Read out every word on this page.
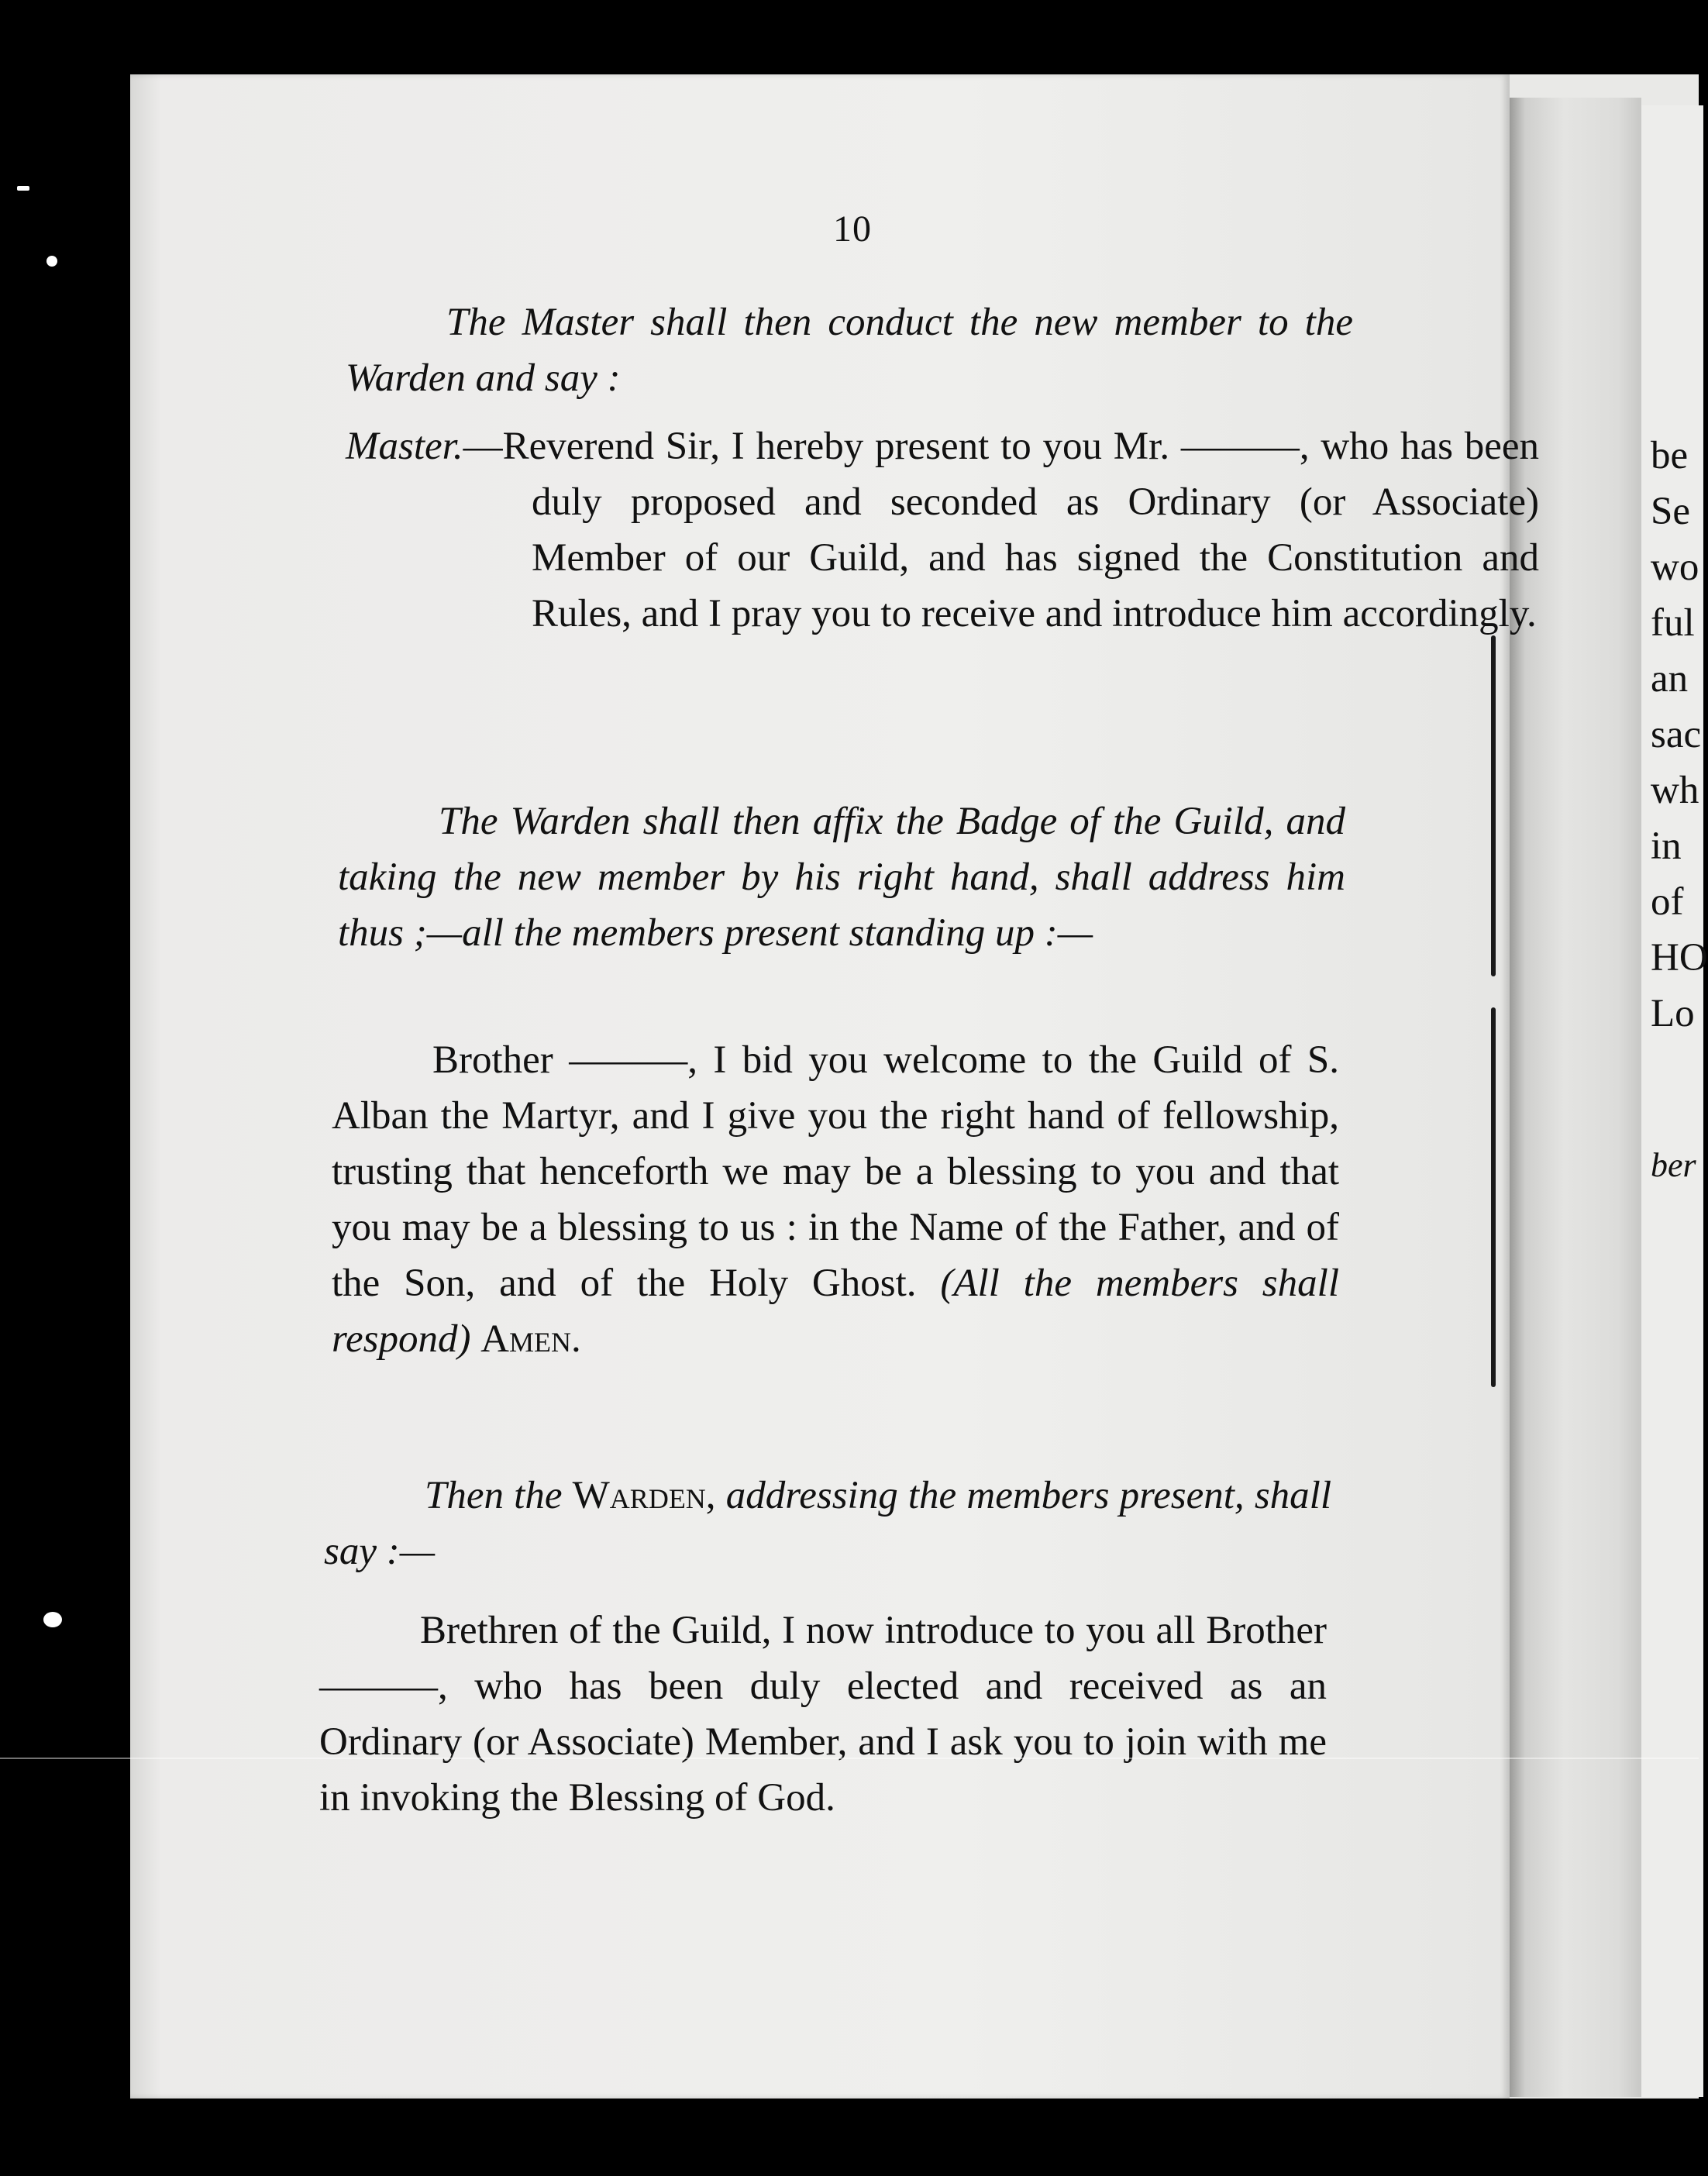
10

The Master shall then conduct the new member to the Warden and say :

Master.—Reverend Sir, I hereby present to you Mr. ———, who has been duly proposed and seconded as Ordinary (or Associate) Member of our Guild, and has signed the Constitution and Rules, and I pray you to receive and introduce him accordingly.

The Warden shall then affix the Badge of the Guild, and taking the new member by his right hand, shall address him thus ;—all the members present standing up :—

Brother ———, I bid you welcome to the Guild of S. Alban the Martyr, and I give you the right hand of fellowship, trusting that henceforth we may be a blessing to you and that you may be a blessing to us : in the Name of the Father, and of the Son, and of the Holy Ghost. (All the members shall respond) Amen.

Then the Warden, addressing the members present, shall say :—

Brethren of the Guild, I now introduce to you all Brother ———, who has been duly elected and received as an Ordinary (or Associate) Member, and I ask you to join with me in invoking the Blessing of God.

be
Se
wo
ful
an
sac
wh
in
of
HO
Lo
ber
